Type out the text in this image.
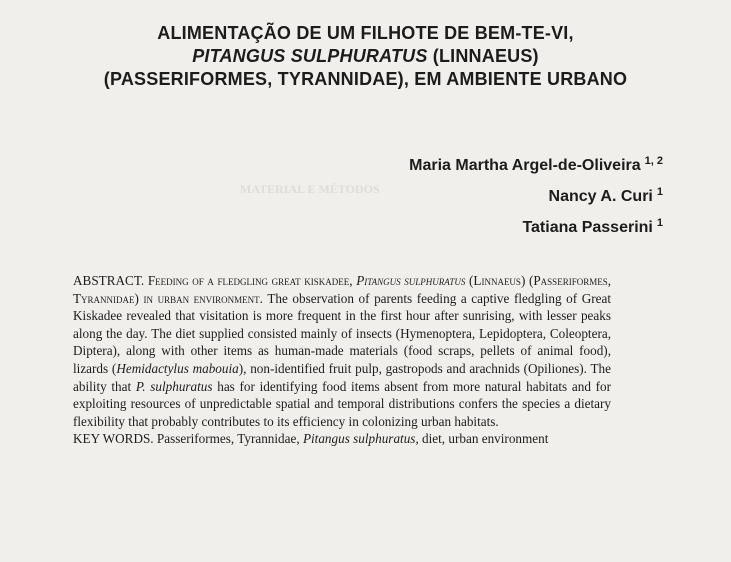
MATERIAL E MÉTODOS
ALIMENTAÇÃO DE UM FILHOTE DE BEM-TE-VI,
PITANGUS SULPHURATUS (LINNAEUS)
(PASSERIFORMES, TYRANNIDAE), EM AMBIENTE URBANO
Maria Martha Argel-de-Oliveira $^{1, 2}$
Nancy A. Curi $^1$
Tatiana Passerini $^1$

ABSTRACT. Feeding of a fledgling great kiskadee, Pitangus sulphuratus (Linnaeus) (Passeriformes, Tyrannidae) in urban environment. The observation of parents feeding a captive fledgling of Great Kiskadee revealed that visitation is more frequent in the first hour after sunrising, with lesser peaks along the day. The diet supplied consisted mainly of insects (Hymenoptera, Lepidoptera, Coleoptera, Diptera), along with other items as human-made materials (food scraps, pellets of animal food), lizards (Hemidactylus mabouia), non-identified fruit pulp, gastropods and arachnids (Opiliones). The ability that P. sulphuratus has for identifying food items absent from more natural habitats and for exploiting resources of unpredictable spatial and temporal distributions confers the species a dietary flexibility that probably contributes to its efficiency in colonizing urban habitats.

KEY WORDS. Passeriformes, Tyrannidae, Pitangus sulphuratus, diet, urban environment
